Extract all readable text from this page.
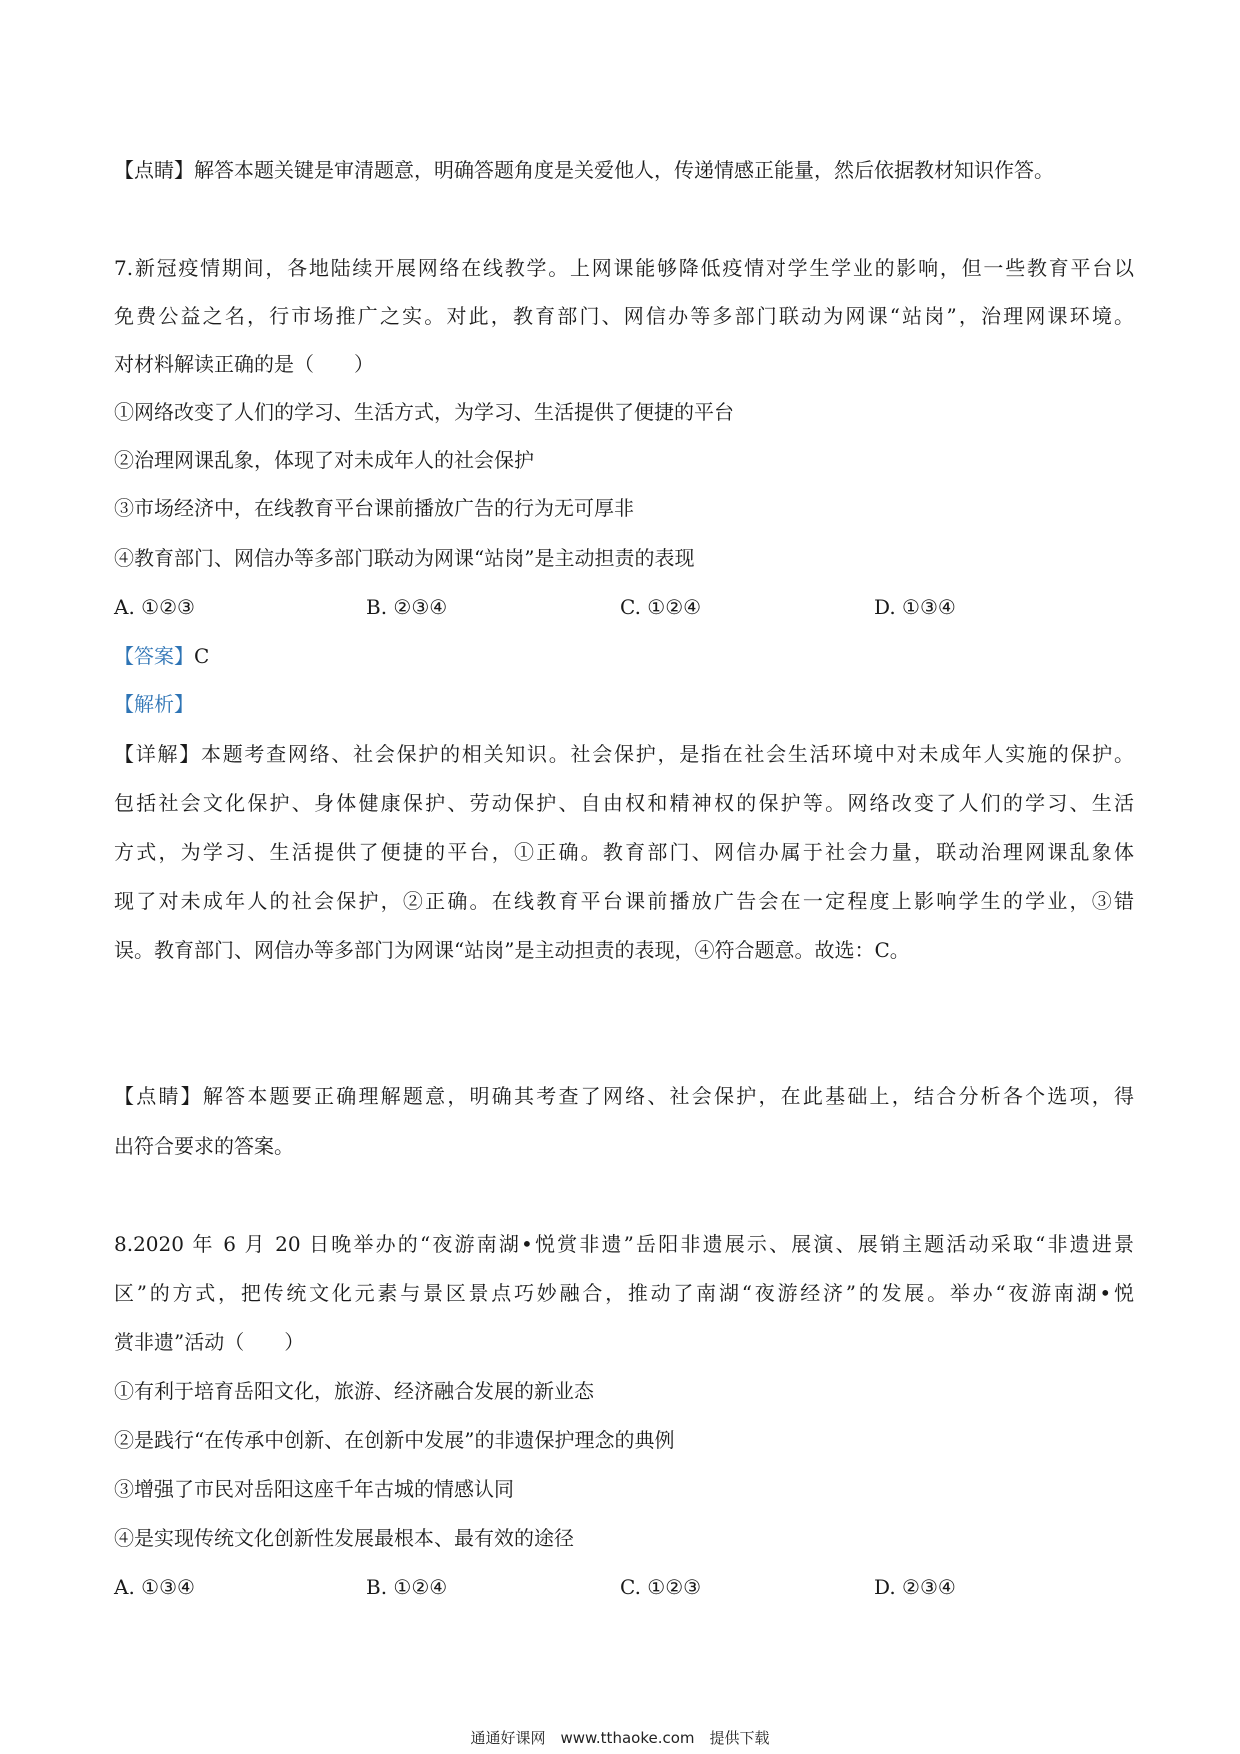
【点睛】解答本题关键是审清题意，明确答题角度是关爱他人，传递情感正能量，然后依据教材知识作答。
7.新冠疫情期间，各地陆续开展网络在线教学。上网课能够降低疫情对学生学业的影响，但一些教育平台以
免费公益之名，行市场推广之实。对此，教育部门、网信办等多部门联动为网课“站岗”，治理网课环境。
对材料解读正确的是（　　）
①网络改变了人们的学习、生活方式，为学习、生活提供了便捷的平台
②治理网课乱象，体现了对未成年人的社会保护
③市场经济中，在线教育平台课前播放广告的行为无可厚非
④教育部门、网信办等多部门联动为网课“站岗”是主动担责的表现
A. ①②③	B. ②③④	C. ①②④	D. ①③④
【答案】C
【解析】
【详解】本题考查网络、社会保护的相关知识。社会保护，是指在社会生活环境中对未成年人实施的保护。
包括社会文化保护、身体健康保护、劳动保护、自由权和精神权的保护等。网络改变了人们的学习、生活
方式，为学习、生活提供了便捷的平台，①正确。教育部门、网信办属于社会力量，联动治理网课乱象体
现了对未成年人的社会保护，②正确。在线教育平台课前播放广告会在一定程度上影响学生的学业，③错
误。教育部门、网信办等多部门为网课“站岗”是主动担责的表现，④符合题意。故选：C。
【点睛】解答本题要正确理解题意，明确其考查了网络、社会保护，在此基础上，结合分析各个选项，得
出符合要求的答案。
8.2020 年 6 月 20 日晚举办的“夜游南湖•悦赏非遗”岳阳非遗展示、展演、展销主题活动采取“非遗进景
区”的方式，把传统文化元素与景区景点巧妙融合，推动了南湖“夜游经济”的发展。举办“夜游南湖•悦
赏非遗”活动（　　）
①有利于培育岳阳文化，旅游、经济融合发展的新业态
②是践行“在传承中创新、在创新中发展”的非遗保护理念的典例
③增强了市民对岳阳这座千年古城的情感认同
④是实现传统文化创新性发展最根本、最有效的途径
A. ①③④	B. ①②④	C. ①②③	D. ②③④
通通好课网　www.tthaoke.com　提供下载
